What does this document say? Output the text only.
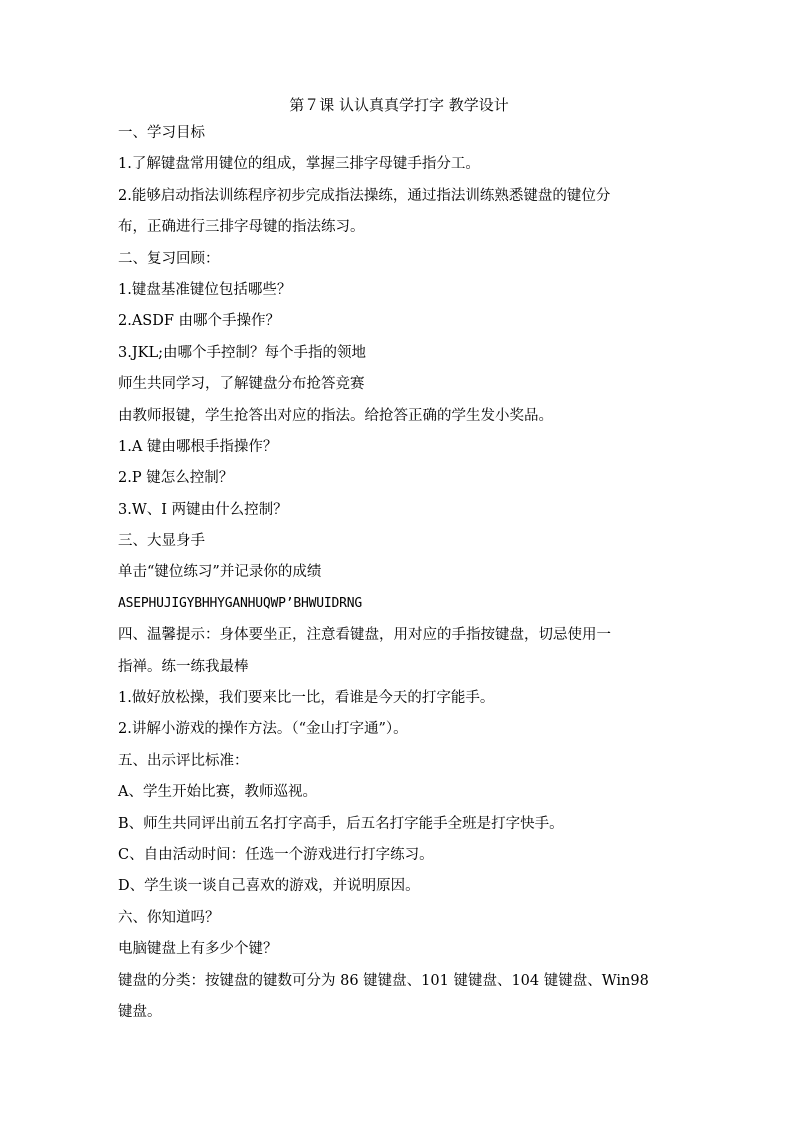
第７课 认认真真学打字 教学设计
一、学习目标
1.了解键盘常用键位的组成，掌握三排字母键手指分工。
2.能够启动指法训练程序初步完成指法操练，通过指法训练熟悉键盘的键位分
布，正确进行三排字母键的指法练习。
二、复习回顾：
1.键盘基准键位包括哪些？
2.ASDF 由哪个手操作？
3.JKL;由哪个手控制？每个手指的领地
师生共同学习，了解键盘分布抢答竞赛
由教师报键，学生抢答出对应的指法。给抢答正确的学生发小奖品。
1.A 键由哪根手指操作？
2.P 键怎么控制？
3.W、I 两键由什么控制？
三、大显身手
单击“键位练习”并记录你的成绩
ASEPHUJIGYBHHYGANHUQWP’BHWUIDRNG
四、温馨提示：身体要坐正，注意看键盘，用对应的手指按键盘，切忌使用一
指禅。练一练我最棒
1.做好放松操，我们要来比一比，看谁是今天的打字能手。
2.讲解小游戏的操作方法。（“金山打字通”）。
五、出示评比标准：
A、学生开始比赛，教师巡视。
B、师生共同评出前五名打字高手，后五名打字能手全班是打字快手。
C、自由活动时间：任选一个游戏进行打字练习。
D、学生谈一谈自己喜欢的游戏，并说明原因。
六、你知道吗？
电脑键盘上有多少个键？
键盘的分类：按键盘的键数可分为 86 键键盘、101 键键盘、104 键键盘、Win98
键盘。
